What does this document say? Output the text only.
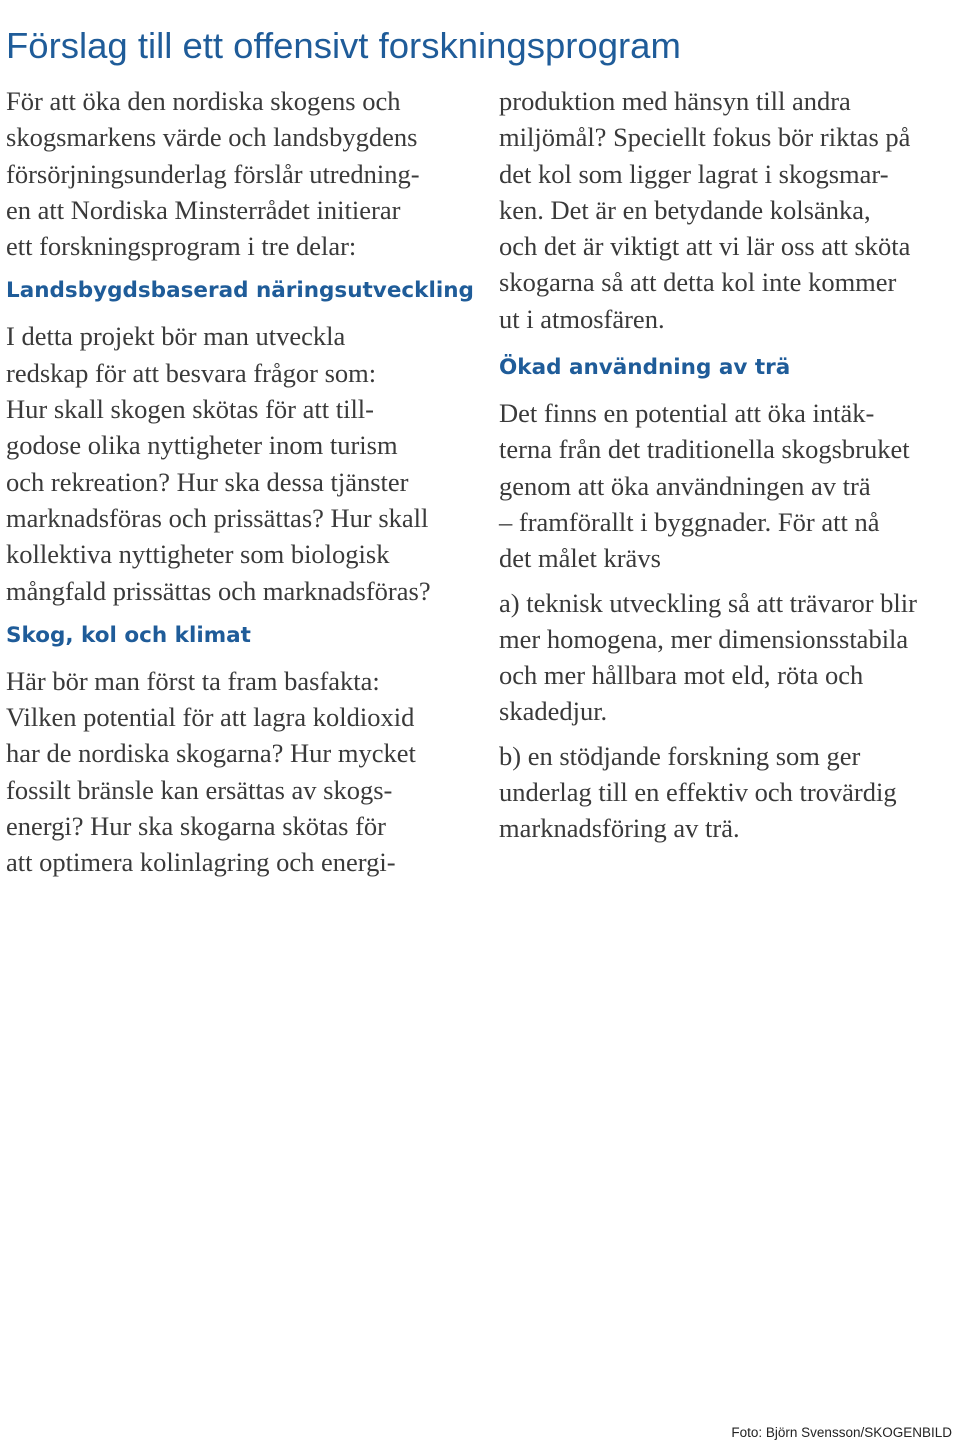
Förslag till ett offensivt forskningsprogram
För att öka den nordiska skogens och
skogsmarkens värde och landsbygdens
försörjningsunderlag förslår utredning-
en att Nordiska Minsterrådet initierar
ett forskningsprogram i tre delar:
Landsbygdsbaserad näringsutveckling
I detta projekt bör man utveckla
redskap för att besvara frågor som:
Hur skall skogen skötas för att till-
godose olika nyttigheter inom turism
och rekreation? Hur ska dessa tjänster
marknadsföras och prissättas? Hur skall
kollektiva nyttigheter som biologisk
mångfald prissättas och marknadsföras?
Skog, kol och klimat
Här bör man först ta fram basfakta:
Vilken potential för att lagra koldioxid
har de nordiska skogarna? Hur mycket
fossilt bränsle kan ersättas av skogs-
energi? Hur ska skogarna skötas för
att optimera kolinlagring och energi-
produktion med hänsyn till andra
miljömål? Speciellt fokus bör riktas på
det kol som ligger lagrat i skogsmar-
ken. Det är en betydande kolsänka,
och det är viktigt att vi lär oss att sköta
skogarna så att detta kol inte kommer
ut i atmosfären.
Ökad användning av trä
Det finns en potential att öka intäk-
terna från det traditionella skogsbruket
genom att öka användningen av trä
– framförallt i byggnader. För att nå
det målet krävs
a) teknisk utveckling så att trävaror blir
mer homogena, mer dimensionsstabila
och mer hållbara mot eld, röta och
skadedjur.
b) en stödjande forskning som ger
underlag till en effektiv och trovärdig
marknadsföring av trä.
Foto: Björn Svensson/SKOGENBILD
